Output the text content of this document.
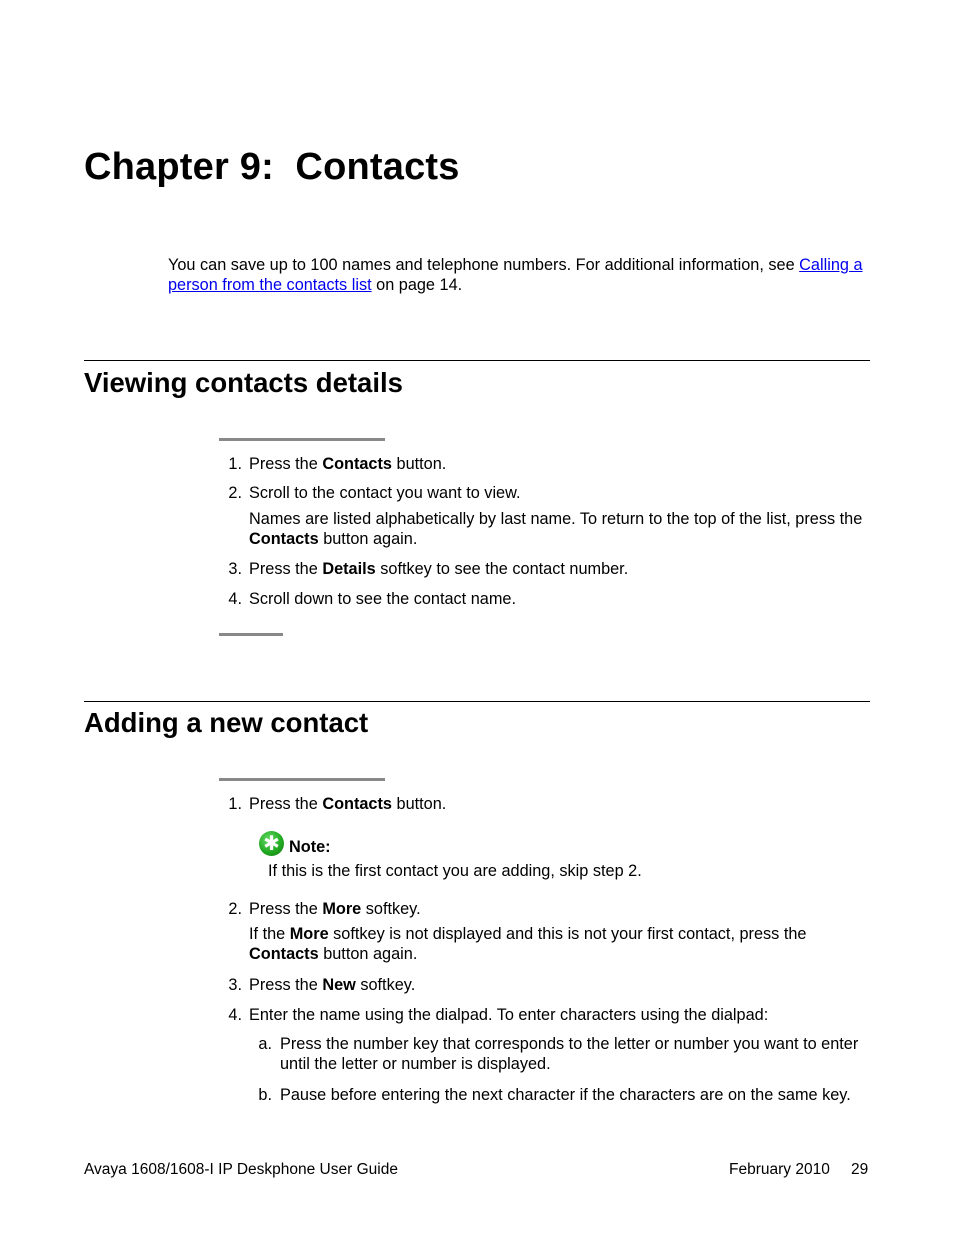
Chapter 9:  Contacts
You can save up to 100 names and telephone numbers. For additional information, see Calling a person from the contacts list on page 14.
Viewing contacts details
1. Press the Contacts button.
2. Scroll to the contact you want to view.
Names are listed alphabetically by last name. To return to the top of the list, press the Contacts button again.
3. Press the Details softkey to see the contact number.
4. Scroll down to see the contact name.
Adding a new contact
1. Press the Contacts button.
✱ Note:
If this is the first contact you are adding, skip step 2.
2. Press the More softkey.
If the More softkey is not displayed and this is not your first contact, press the Contacts button again.
3. Press the New softkey.
4. Enter the name using the dialpad. To enter characters using the dialpad:
a. Press the number key that corresponds to the letter or number you want to enter until the letter or number is displayed.
b. Pause before entering the next character if the characters are on the same key.
Avaya 1608/1608-I IP Deskphone User Guide	February 2010 29
